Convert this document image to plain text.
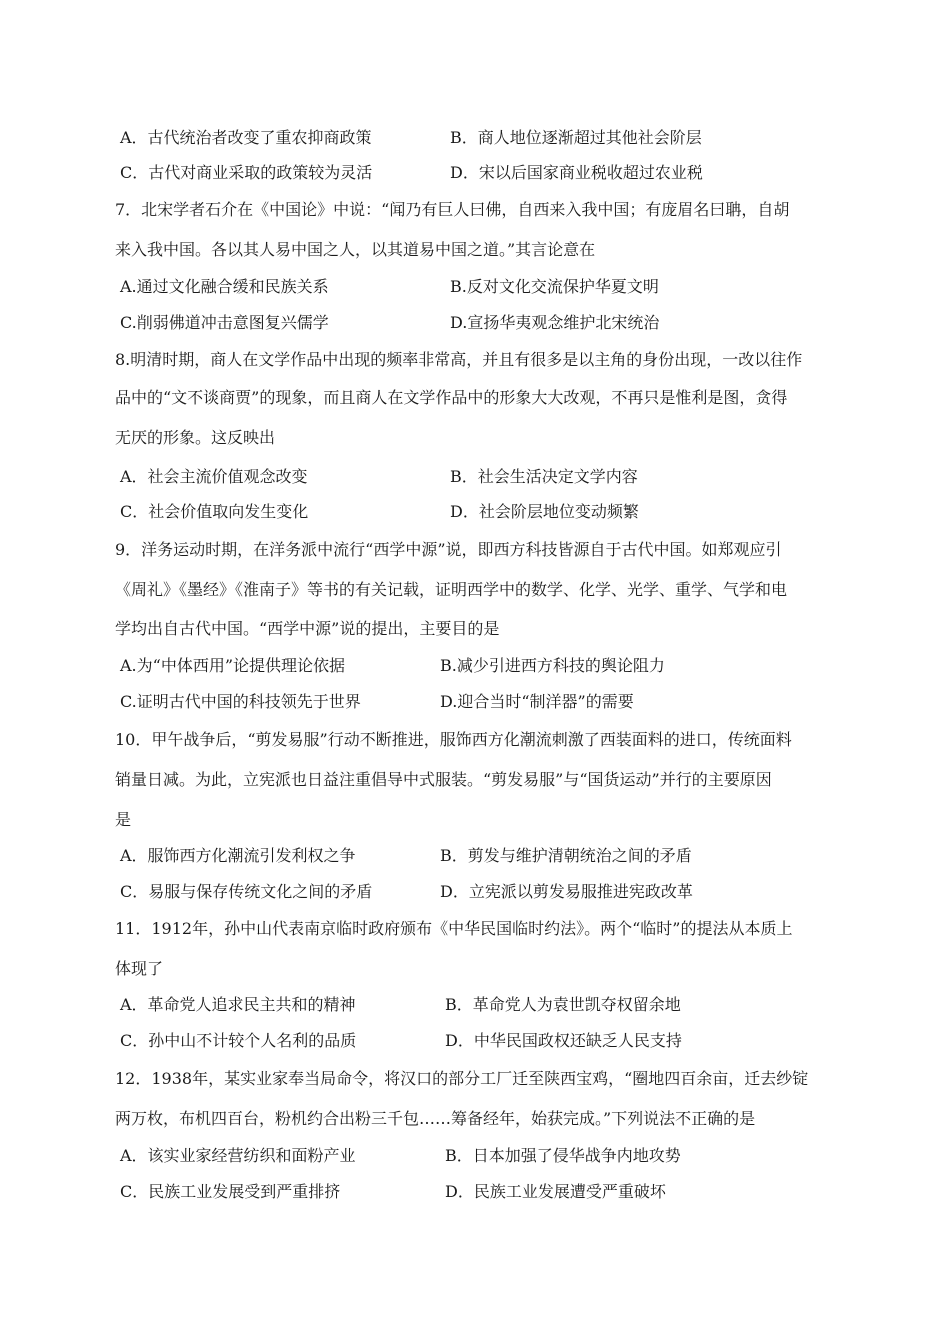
A．古代统治者改变了重农抑商政策	B．商人地位逐渐超过其他社会阶层
C．古代对商业采取的政策较为灵活	D．宋以后国家商业税收超过农业税
7．北宋学者石介在《中国论》中说：“闻乃有巨人曰佛，自西来入我中国；有庞眉名曰聃，自胡
来入我中国。各以其人易中国之人，以其道易中国之道。”其言论意在
A.通过文化融合缓和民族关系	B.反对文化交流保护华夏文明
C.削弱佛道冲击意图复兴儒学	D.宣扬华夷观念维护北宋统治
8.明清时期，商人在文学作品中出现的频率非常高，并且有很多是以主角的身份出现，一改以往作
品中的“文不谈商贾”的现象，而且商人在文学作品中的形象大大改观，不再只是惟利是图，贪得
无厌的形象。这反映出
A．社会主流价值观念改变	B．社会生活决定文学内容
C．社会价值取向发生变化	D．社会阶层地位变动频繁
9．洋务运动时期，在洋务派中流行“西学中源”说，即西方科技皆源自于古代中国。如郑观应引
《周礼》《墨经》《淮南子》等书的有关记载，证明西学中的数学、化学、光学、重学、气学和电
学均出自古代中国。“西学中源”说的提出，主要目的是
A.为“中体西用”论提供理论依据	B.减少引进西方科技的舆论阻力
C.证明古代中国的科技领先于世界	D.迎合当时“制洋器”的需要
10．甲午战争后，“剪发易服”行动不断推进，服饰西方化潮流刺激了西装面料的进口，传统面料
销量日减。为此，立宪派也日益注重倡导中式服装。“剪发易服”与“国货运动”并行的主要原因
是
A．服饰西方化潮流引发利权之争	B．剪发与维护清朝统治之间的矛盾
C．易服与保存传统文化之间的矛盾	D．立宪派以剪发易服推进宪政改革
11．1912年，孙中山代表南京临时政府颁布《中华民国临时约法》。两个“临时”的提法从本质上
体现了
A．革命党人追求民主共和的精神	B．革命党人为袁世凯夺权留余地
C．孙中山不计较个人名利的品质	D．中华民国政权还缺乏人民支持
12．1938年，某实业家奉当局命令，将汉口的部分工厂迁至陕西宝鸡，“圈地四百余亩，迁去纱锭
两万枚，布机四百台，粉机约合出粉三千包……筹备经年，始获完成。”下列说法不正确的是
A．该实业家经营纺织和面粉产业	B．日本加强了侵华战争内地攻势
C．民族工业发展受到严重排挤	D．民族工业发展遭受严重破坏
